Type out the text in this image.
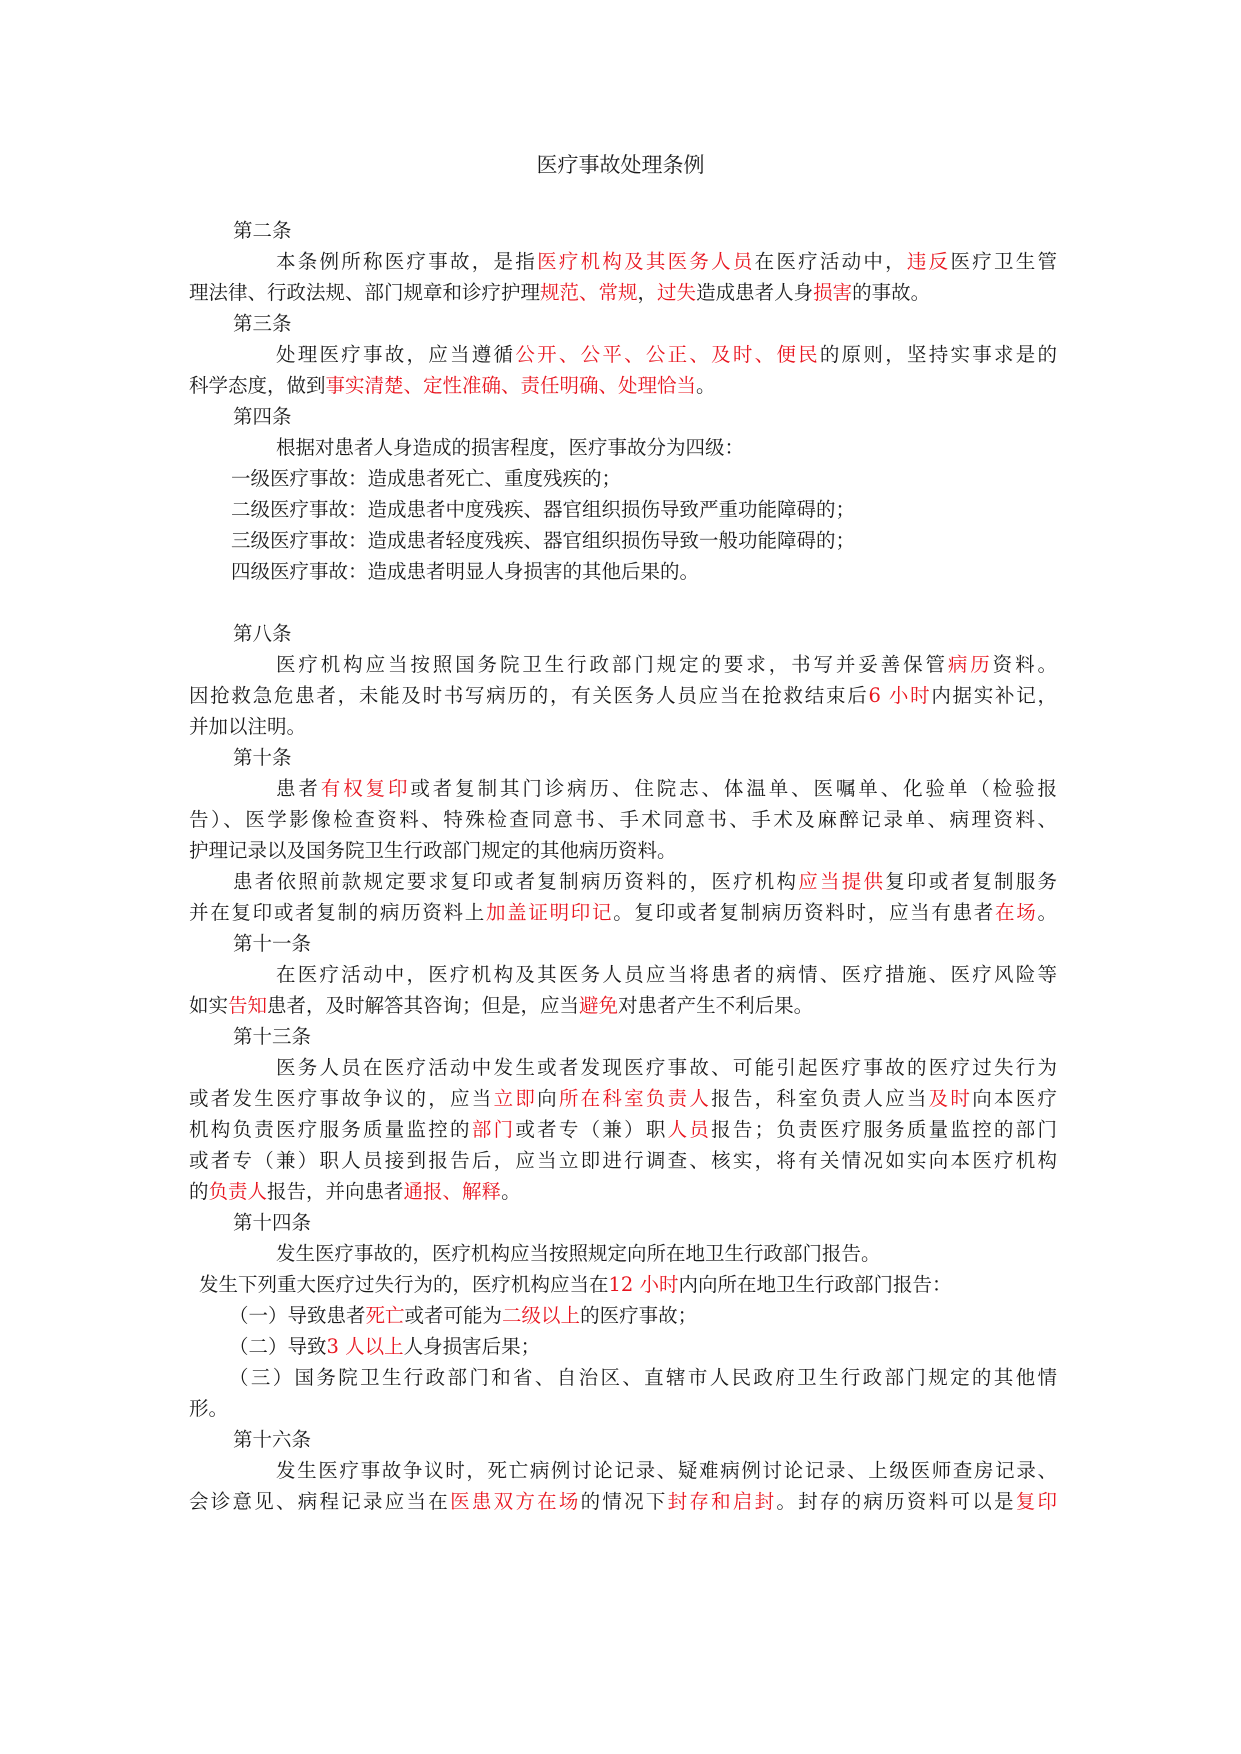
医疗事故处理条例
第二条
本条例所称医疗事故，是指医疗机构及其医务人员在医疗活动中，违反医疗卫生管
理法律、行政法规、部门规章和诊疗护理规范、常规，过失造成患者人身损害的事故。
第三条
处理医疗事故，应当遵循公开、公平、公正、及时、便民的原则，坚持实事求是的
科学态度，做到事实清楚、定性准确、责任明确、处理恰当。
第四条
根据对患者人身造成的损害程度，医疗事故分为四级：
一级医疗事故：造成患者死亡、重度残疾的；
二级医疗事故：造成患者中度残疾、器官组织损伤导致严重功能障碍的；
三级医疗事故：造成患者轻度残疾、器官组织损伤导致一般功能障碍的；
四级医疗事故：造成患者明显人身损害的其他后果的。
第八条
医疗机构应当按照国务院卫生行政部门规定的要求，书写并妥善保管病历资料。
因抢救急危患者，未能及时书写病历的，有关医务人员应当在抢救结束后6 小时内据实补记，
并加以注明。
第十条
患者有权复印或者复制其门诊病历、住院志、体温单、医嘱单、化验单（检验报
告）、医学影像检查资料、特殊检查同意书、手术同意书、手术及麻醉记录单、病理资料、
护理记录以及国务院卫生行政部门规定的其他病历资料。
患者依照前款规定要求复印或者复制病历资料的，医疗机构应当提供复印或者复制服务
并在复印或者复制的病历资料上加盖证明印记。复印或者复制病历资料时，应当有患者在场。
第十一条
在医疗活动中，医疗机构及其医务人员应当将患者的病情、医疗措施、医疗风险等
如实告知患者，及时解答其咨询；但是，应当避免对患者产生不利后果。
第十三条
医务人员在医疗活动中发生或者发现医疗事故、可能引起医疗事故的医疗过失行为
或者发生医疗事故争议的，应当立即向所在科室负责人报告，科室负责人应当及时向本医疗
机构负责医疗服务质量监控的部门或者专（兼）职人员报告；负责医疗服务质量监控的部门
或者专（兼）职人员接到报告后，应当立即进行调查、核实，将有关情况如实向本医疗机构
的负责人报告，并向患者通报、解释。
第十四条
发生医疗事故的，医疗机构应当按照规定向所在地卫生行政部门报告。
发生下列重大医疗过失行为的，医疗机构应当在12 小时内向所在地卫生行政部门报告：
（一）导致患者死亡或者可能为二级以上的医疗事故；
（二）导致3 人以上人身损害后果；
（三）国务院卫生行政部门和省、自治区、直辖市人民政府卫生行政部门规定的其他情
形。
第十六条
发生医疗事故争议时，死亡病例讨论记录、疑难病例讨论记录、上级医师查房记录、
会诊意见、病程记录应当在医患双方在场的情况下封存和启封。封存的病历资料可以是复印
